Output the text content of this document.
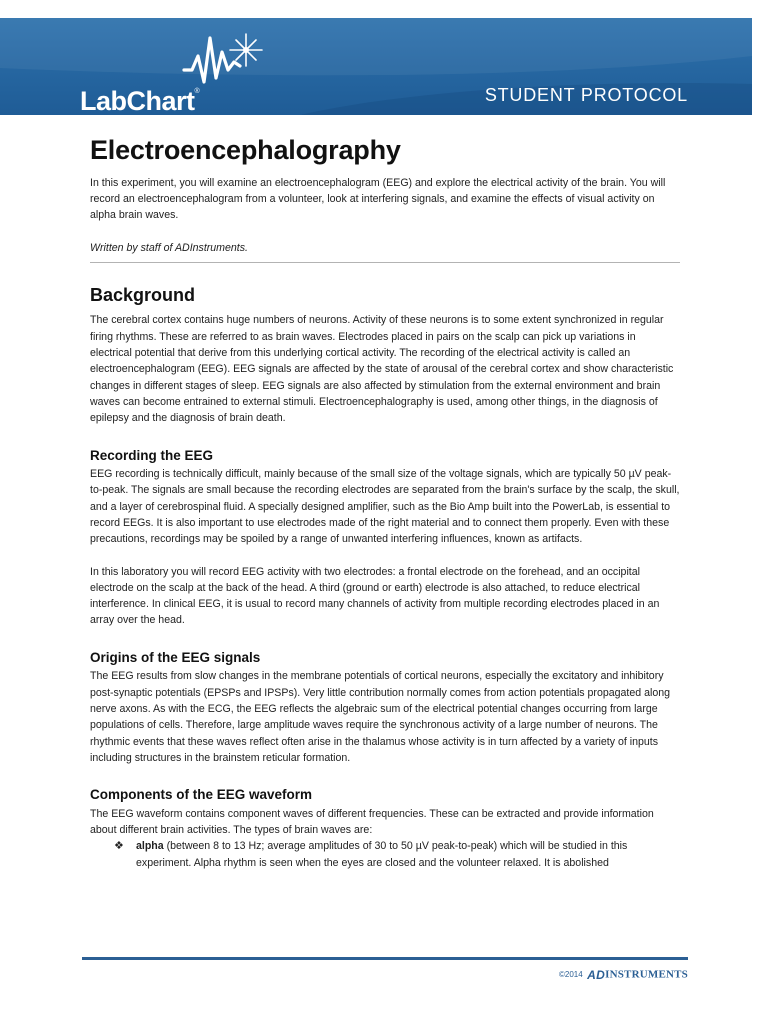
LabChart®	STUDENT PROTOCOL
Electroencephalography

In this experiment, you will examine an electroencephalogram (EEG) and explore the electrical activity of the brain. You will record an electroencephalogram from a volunteer, look at interfering signals, and examine the effects of visual activity on alpha brain waves.

Written by staff of ADInstruments.

Background

The cerebral cortex contains huge numbers of neurons. Activity of these neurons is to some extent synchronized in regular firing rhythms. These are referred to as brain waves. Electrodes placed in pairs on the scalp can pick up variations in electrical potential that derive from this underlying cortical activity. The recording of the electrical activity is called an electroencephalogram (EEG). EEG signals are affected by the state of arousal of the cerebral cortex and show characteristic changes in different stages of sleep. EEG signals are also affected by stimulation from the external environment and brain waves can become entrained to external stimuli. Electroencephalography is used, among other things, in the diagnosis of epilepsy and the diagnosis of brain death.

Recording the EEG

EEG recording is technically difficult, mainly because of the small size of the voltage signals, which are typically 50 µV peak-to-peak. The signals are small because the recording electrodes are separated from the brain's surface by the scalp, the skull, and a layer of cerebrospinal fluid. A specially designed amplifier, such as the Bio Amp built into the PowerLab, is essential to record EEGs. It is also important to use electrodes made of the right material and to connect them properly. Even with these precautions, recordings may be spoiled by a range of unwanted interfering influences, known as artifacts.

In this laboratory you will record EEG activity with two electrodes: a frontal electrode on the forehead, and an occipital electrode on the scalp at the back of the head. A third (ground or earth) electrode is also attached, to reduce electrical interference. In clinical EEG, it is usual to record many channels of activity from multiple recording electrodes placed in an array over the head.

Origins of the EEG signals

The EEG results from slow changes in the membrane potentials of cortical neurons, especially the excitatory and inhibitory post-synaptic potentials (EPSPs and IPSPs). Very little contribution normally comes from action potentials propagated along nerve axons. As with the ECG, the EEG reflects the algebraic sum of the electrical potential changes occurring from large populations of cells. Therefore, large amplitude waves require the synchronous activity of a large number of neurons. The rhythmic events that these waves reflect often arise in the thalamus whose activity is in turn affected by a variety of inputs including structures in the brainstem reticular formation.

Components of the EEG waveform

The EEG waveform contains component waves of different frequencies. These can be extracted and provide information about different brain activities. The types of brain waves are:

❖ alpha (between 8 to 13 Hz; average amplitudes of 30 to 50 µV peak-to-peak) which will be studied in this experiment. Alpha rhythm is seen when the eyes are closed and the volunteer relaxed. It is abolished
©2014 ADINSTRUMENTS
